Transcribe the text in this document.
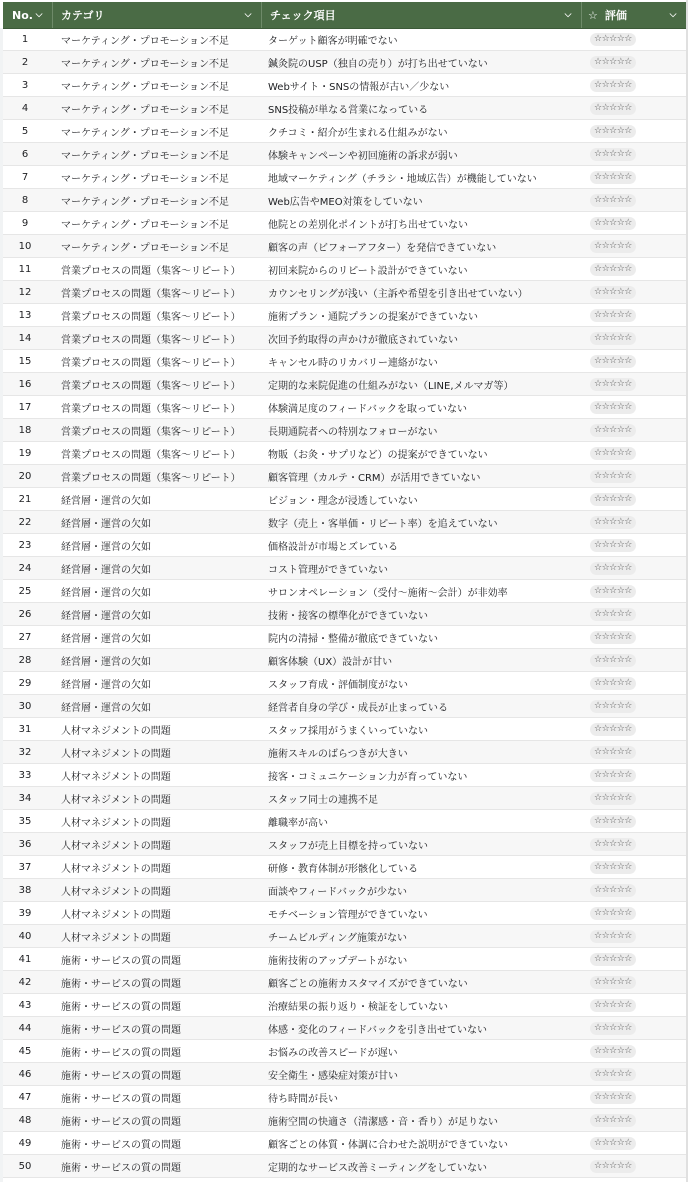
No. ⌵	カテゴリ	⌵	チェック項目	⌵	☆ 評価	⌵
1	マーケティング・プロモーション不足	ターゲット顧客が明確でない	☆☆☆☆☆
2	マーケティング・プロモーション不足	鍼灸院のUSP（独自の売り）が打ち出せていない	☆☆☆☆☆
3	マーケティング・プロモーション不足	Webサイト・SNSの情報が古い／少ない	☆☆☆☆☆
4	マーケティング・プロモーション不足	SNS投稿が単なる営業になっている	☆☆☆☆☆
5	マーケティング・プロモーション不足	クチコミ・紹介が生まれる仕組みがない	☆☆☆☆☆
6	マーケティング・プロモーション不足	体験キャンペーンや初回施術の訴求が弱い	☆☆☆☆☆
7	マーケティング・プロモーション不足	地域マーケティング（チラシ・地域広告）が機能していない	☆☆☆☆☆
8	マーケティング・プロモーション不足	Web広告やMEO対策をしていない	☆☆☆☆☆
9	マーケティング・プロモーション不足	他院との差別化ポイントが打ち出せていない	☆☆☆☆☆
10	マーケティング・プロモーション不足	顧客の声（ビフォーアフター）を発信できていない	☆☆☆☆☆
11	営業プロセスの問題（集客〜リピート）	初回来院からのリピート設計ができていない	☆☆☆☆☆
12	営業プロセスの問題（集客〜リピート）	カウンセリングが浅い（主訴や希望を引き出せていない）	☆☆☆☆☆
13	営業プロセスの問題（集客〜リピート）	施術プラン・通院プランの提案ができていない	☆☆☆☆☆
14	営業プロセスの問題（集客〜リピート）	次回予約取得の声かけが徹底されていない	☆☆☆☆☆
15	営業プロセスの問題（集客〜リピート）	キャンセル時のリカバリー連絡がない	☆☆☆☆☆
16	営業プロセスの問題（集客〜リピート）	定期的な来院促進の仕組みがない（LINE,メルマガ等）	☆☆☆☆☆
17	営業プロセスの問題（集客〜リピート）	体験満足度のフィードバックを取っていない	☆☆☆☆☆
18	営業プロセスの問題（集客〜リピート）	長期通院者への特別なフォローがない	☆☆☆☆☆
19	営業プロセスの問題（集客〜リピート）	物販（お灸・サプリなど）の提案ができていない	☆☆☆☆☆
20	営業プロセスの問題（集客〜リピート）	顧客管理（カルテ・CRM）が活用できていない	☆☆☆☆☆
21	経営層・運営の欠如	ビジョン・理念が浸透していない	☆☆☆☆☆
22	経営層・運営の欠如	数字（売上・客単価・リピート率）を追えていない	☆☆☆☆☆
23	経営層・運営の欠如	価格設計が市場とズレている	☆☆☆☆☆
24	経営層・運営の欠如	コスト管理ができていない	☆☆☆☆☆
25	経営層・運営の欠如	サロンオペレーション（受付〜施術〜会計）が非効率	☆☆☆☆☆
26	経営層・運営の欠如	技術・接客の標準化ができていない	☆☆☆☆☆
27	経営層・運営の欠如	院内の清掃・整備が徹底できていない	☆☆☆☆☆
28	経営層・運営の欠如	顧客体験（UX）設計が甘い	☆☆☆☆☆
29	経営層・運営の欠如	スタッフ育成・評価制度がない	☆☆☆☆☆
30	経営層・運営の欠如	経営者自身の学び・成長が止まっている	☆☆☆☆☆
31	人材マネジメントの問題	スタッフ採用がうまくいっていない	☆☆☆☆☆
32	人材マネジメントの問題	施術スキルのばらつきが大きい	☆☆☆☆☆
33	人材マネジメントの問題	接客・コミュニケーション力が育っていない	☆☆☆☆☆
34	人材マネジメントの問題	スタッフ同士の連携不足	☆☆☆☆☆
35	人材マネジメントの問題	離職率が高い	☆☆☆☆☆
36	人材マネジメントの問題	スタッフが売上目標を持っていない	☆☆☆☆☆
37	人材マネジメントの問題	研修・教育体制が形骸化している	☆☆☆☆☆
38	人材マネジメントの問題	面談やフィードバックが少ない	☆☆☆☆☆
39	人材マネジメントの問題	モチベーション管理ができていない	☆☆☆☆☆
40	人材マネジメントの問題	チームビルディング施策がない	☆☆☆☆☆
41	施術・サービスの質の問題	施術技術のアップデートがない	☆☆☆☆☆
42	施術・サービスの質の問題	顧客ごとの施術カスタマイズができていない	☆☆☆☆☆
43	施術・サービスの質の問題	治療結果の振り返り・検証をしていない	☆☆☆☆☆
44	施術・サービスの質の問題	体感・変化のフィードバックを引き出せていない	☆☆☆☆☆
45	施術・サービスの質の問題	お悩みの改善スピードが遅い	☆☆☆☆☆
46	施術・サービスの質の問題	安全衛生・感染症対策が甘い	☆☆☆☆☆
47	施術・サービスの質の問題	待ち時間が長い	☆☆☆☆☆
48	施術・サービスの質の問題	施術空間の快適さ（清潔感・音・香り）が足りない	☆☆☆☆☆
49	施術・サービスの質の問題	顧客ごとの体質・体調に合わせた説明ができていない	☆☆☆☆☆
50	施術・サービスの質の問題	定期的なサービス改善ミーティングをしていない	☆☆☆☆☆
